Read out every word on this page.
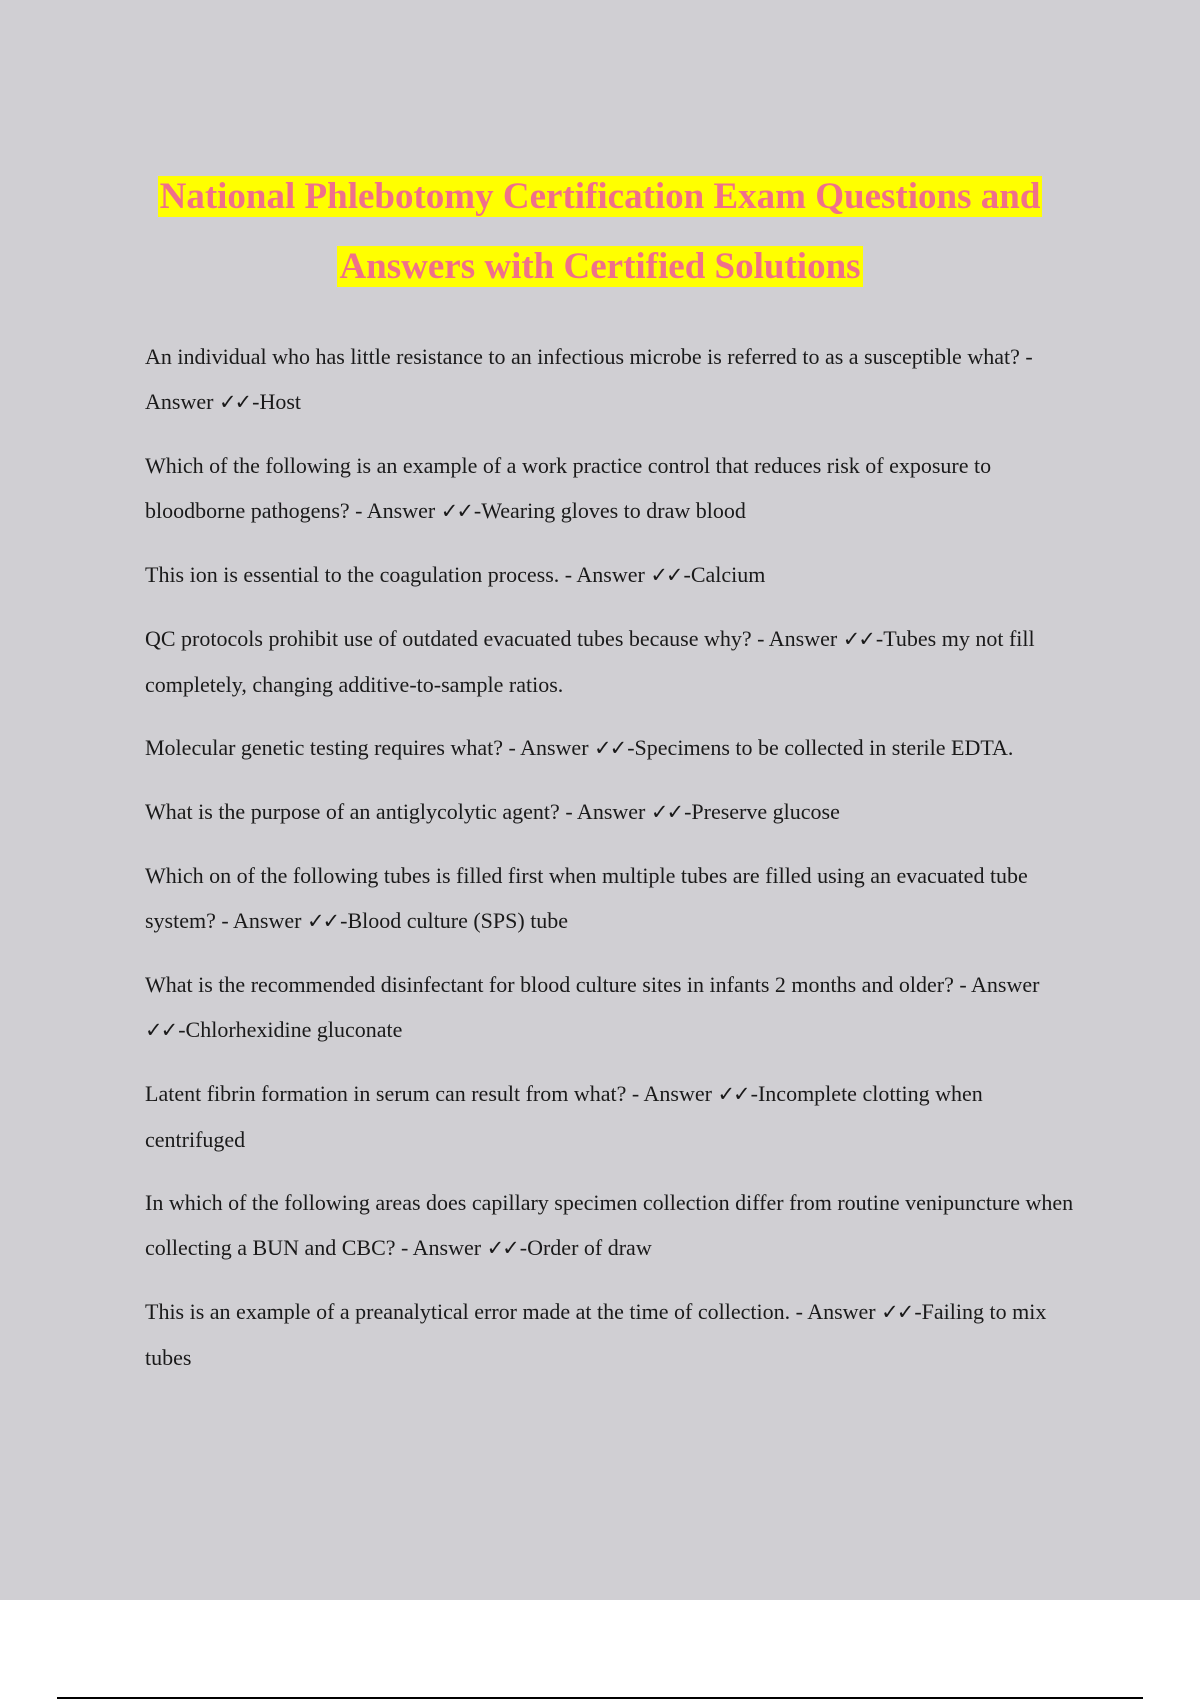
National Phlebotomy Certification Exam Questions and
Answers with Certified Solutions

An individual who has little resistance to an infectious microbe is referred to as a susceptible what? - Answer ✓✓-Host

Which of the following is an example of a work practice control that reduces risk of exposure to bloodborne pathogens? - Answer ✓✓-Wearing gloves to draw blood

This ion is essential to the coagulation process. - Answer ✓✓-Calcium

QC protocols prohibit use of outdated evacuated tubes because why? - Answer ✓✓-Tubes my not fill completely, changing additive-to-sample ratios.

Molecular genetic testing requires what? - Answer ✓✓-Specimens to be collected in sterile EDTA.

What is the purpose of an antiglycolytic agent? - Answer ✓✓-Preserve glucose

Which on of the following tubes is filled first when multiple tubes are filled using an evacuated tube system? - Answer ✓✓-Blood culture (SPS) tube

What is the recommended disinfectant for blood culture sites in infants 2 months and older? - Answer ✓✓-Chlorhexidine gluconate

Latent fibrin formation in serum can result from what? - Answer ✓✓-Incomplete clotting when centrifuged

In which of the following areas does capillary specimen collection differ from routine venipuncture when collecting a BUN and CBC? - Answer ✓✓-Order of draw

This is an example of a preanalytical error made at the time of collection. - Answer ✓✓-Failing to mix tubes
